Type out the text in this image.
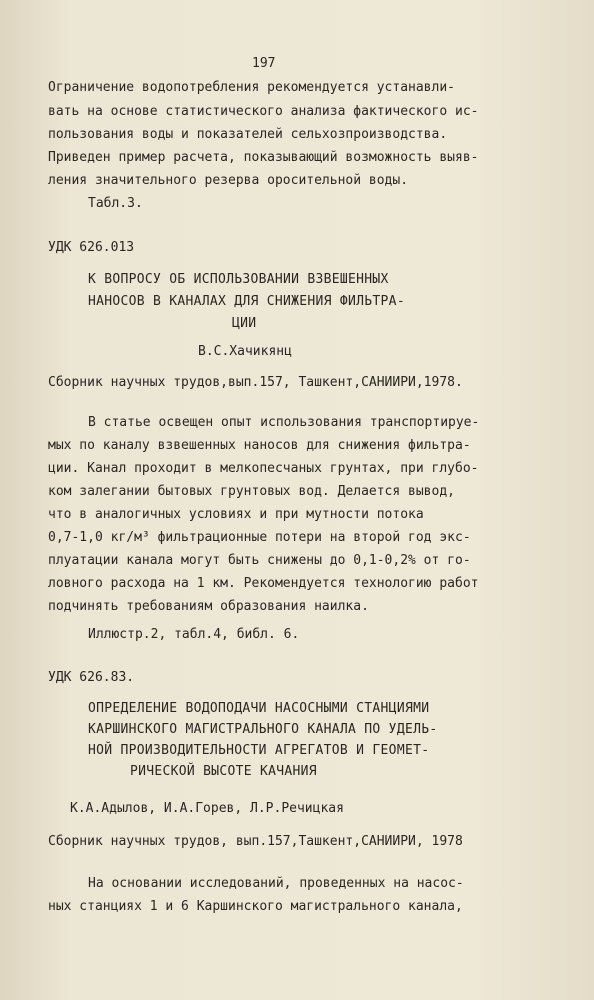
197
Ограничение водопотребления рекомендуется устанавли-
вать на основе статистического анализа фактического ис-
пользования воды и показателей сельхозпроизводства.
Приведен пример расчета, показывающий возможность выяв-
ления значительного резерва оросительной воды.
Табл.3.
УДК 626.013
К ВОПРОСУ ОБ ИСПОЛЬЗОВАНИИ ВЗВЕШЕННЫХ
НАНОСОВ В КАНАЛАХ ДЛЯ СНИЖЕНИЯ ФИЛЬТРА-
ЦИИ
В.С.Хачикянц
Сборник научных трудов,вып.157, Ташкент,САНИИРИ,1978.
В статье освещен опыт использования транспортируе-
мых по каналу взвешенных наносов для снижения фильтра-
ции. Канал проходит в мелкопесчаных грунтах, при глубо-
ком залегании бытовых грунтовых вод. Делается вывод,
что в аналогичных условиях и при мутности потока
0,7-1,0 кг/м³ фильтрационные потери на второй год экс-
плуатации канала могут быть снижены до 0,1-0,2% от го-
ловного расхода на 1 км. Рекомендуется технологию работ
подчинять требованиям образования наилка.
Иллюстр.2, табл.4, библ. 6.
УДК 626.83.
ОПРЕДЕЛЕНИЕ ВОДОПОДАЧИ НАСОСНЫМИ СТАНЦИЯМИ
КАРШИНСКОГО МАГИСТРАЛЬНОГО КАНАЛА ПО УДЕЛЬ-
НОЙ ПРОИЗВОДИТЕЛЬНОСТИ АГРЕГАТОВ И ГЕОМЕТ-
РИЧЕСКОЙ ВЫСОТЕ КАЧАНИЯ
К.А.Адылов, И.А.Горев, Л.Р.Речицкая
Сборник научных трудов, вып.157,Ташкент,САНИИРИ, 1978
На основании исследований, проведенных на насос-
ных станциях 1 и 6 Каршинского магистрального канала,
